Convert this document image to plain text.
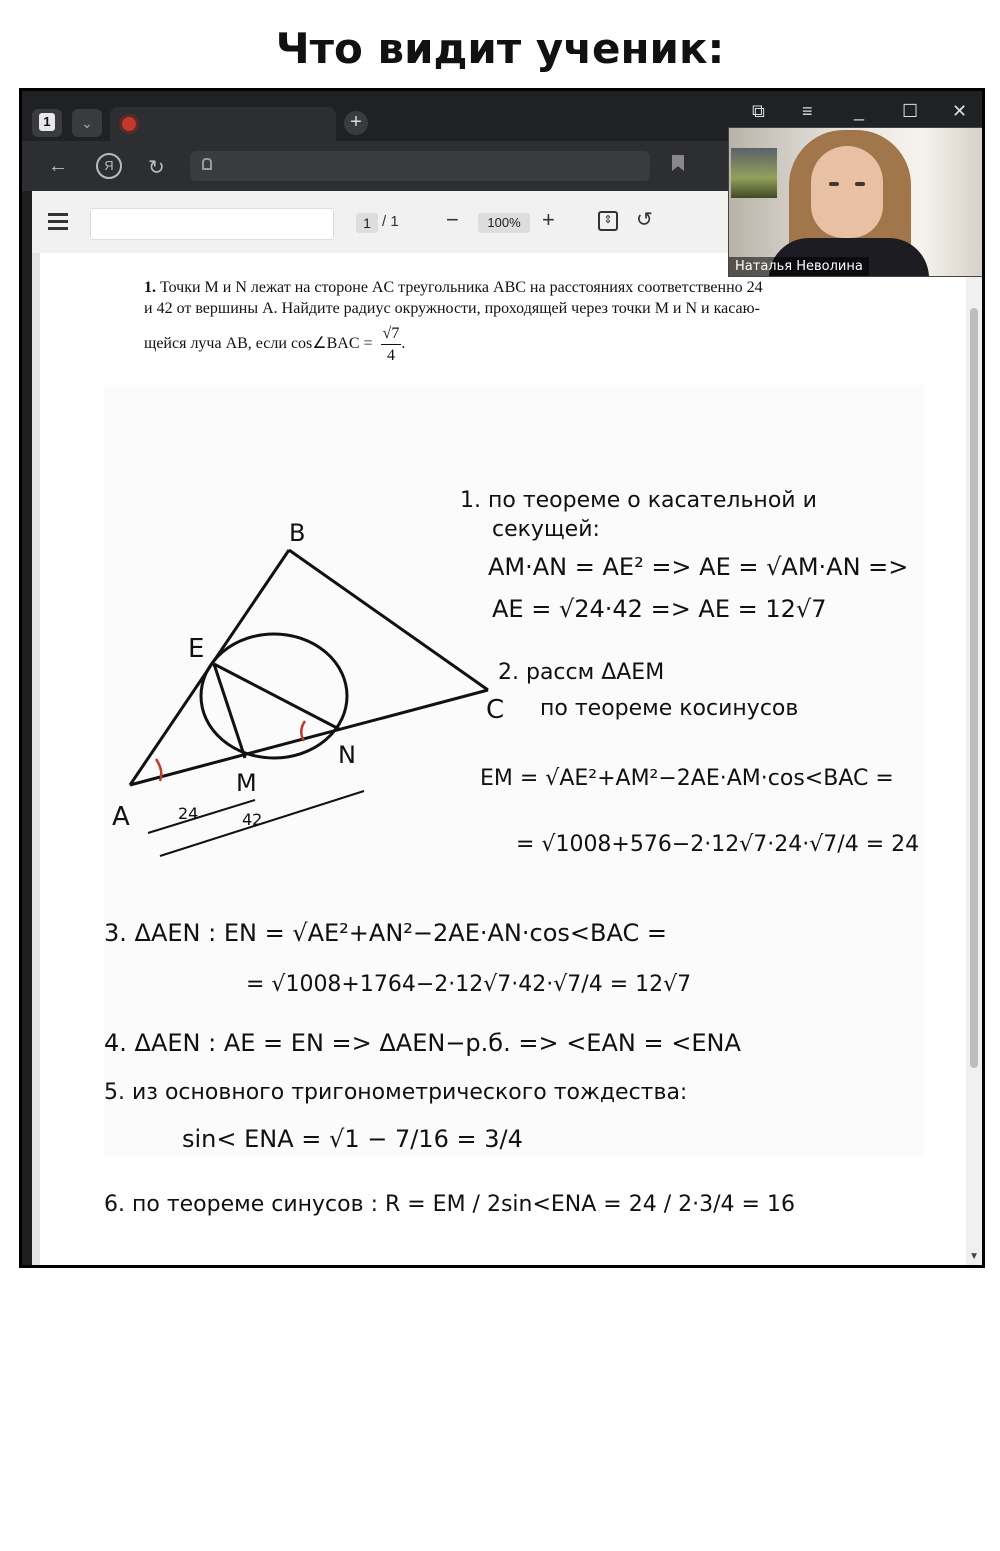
Что видит ученик:
1	⌄	+	⧉ ≡ _ ☐ ✕
←	Я	↻
1 / 1 −	100% +	⇕ ↺
1. Точки M и N лежат на стороне AC треугольника ABC на расстояниях соответственно 24
и 42 от вершины A. Найдите радиус окружности, проходящей через точки M и N и касаю-
щейся луча AB, если cos∠BAC = $\frac{√7}{4}$ .
A
B
C
E
M
N
24	42
1. по теореме о касательной и
секущей:
AM·AN = AE² => AE = √AM·AN =>
AE = √24·42 => AE = 12√7
2. рассм ΔAEM
по теореме косинусов
EM = √AE²+AM²−2AE·AM·cos<BAC =
= √1008+576−2·12√7·24·√7/4 = 24
3. ΔAEN : EN = √AE²+AN²−2AE·AN·cos<BAC =
= √1008+1764−2·12√7·42·√7/4 = 12√7
4. ΔAEN : AE = EN => ΔAEN−р.б. => <EAN = <ENA
5. из основного тригонометрического тождества:
sin< ENA = √1 − 7/16 = 3/4
6. по теореме синусов : R = EM / 2sin<ENA = 24 / 2·3/4 = 16
▼
Наталья Неволина
